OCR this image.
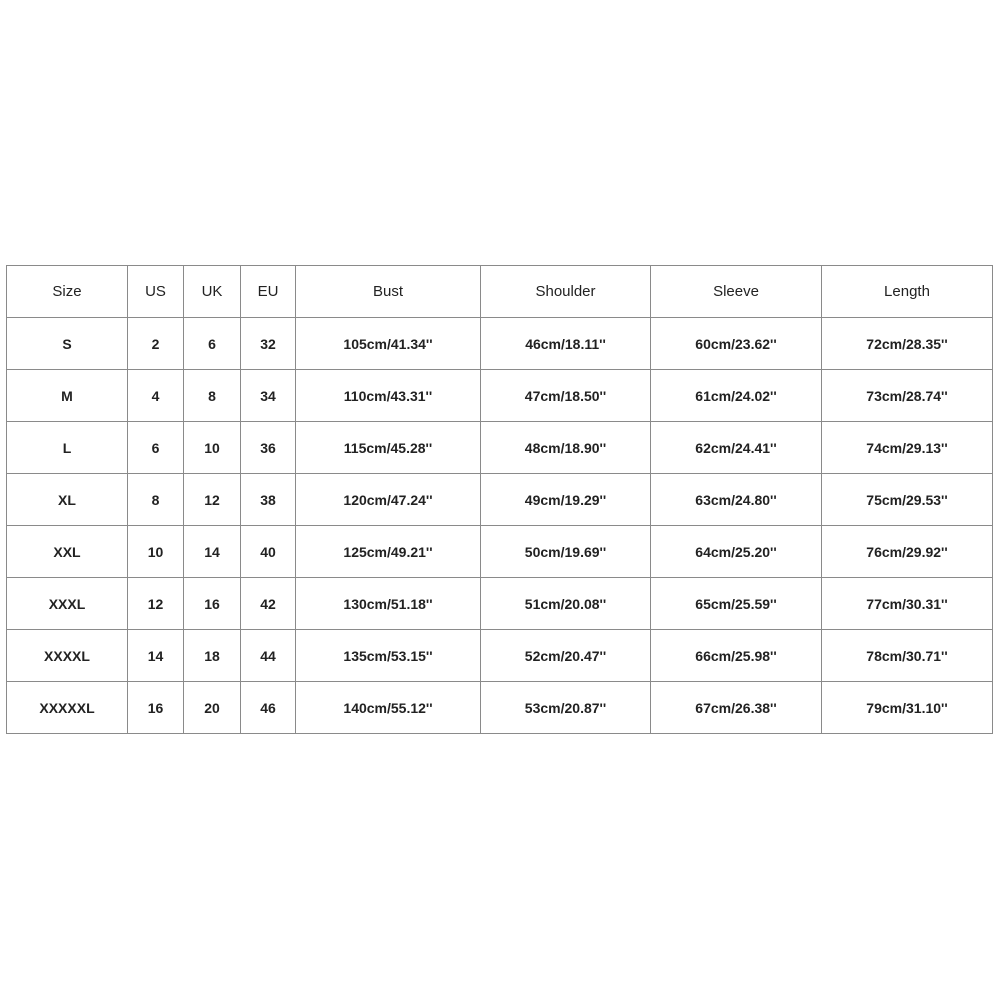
Size	US	UK	EU	Bust	Shoulder	Sleeve	Length
S	2	6	32	105cm/41.34''	46cm/18.11''	60cm/23.62''	72cm/28.35''
M	4	8	34	110cm/43.31''	47cm/18.50''	61cm/24.02''	73cm/28.74''
L	6	10	36	115cm/45.28''	48cm/18.90''	62cm/24.41''	74cm/29.13''
XL	8	12	38	120cm/47.24''	49cm/19.29''	63cm/24.80''	75cm/29.53''
XXL	10	14	40	125cm/49.21''	50cm/19.69''	64cm/25.20''	76cm/29.92''
XXXL	12	16	42	130cm/51.18''	51cm/20.08''	65cm/25.59''	77cm/30.31''
XXXXL	14	18	44	135cm/53.15''	52cm/20.47''	66cm/25.98''	78cm/30.71''
XXXXXL	16	20	46	140cm/55.12''	53cm/20.87''	67cm/26.38''	79cm/31.10''
